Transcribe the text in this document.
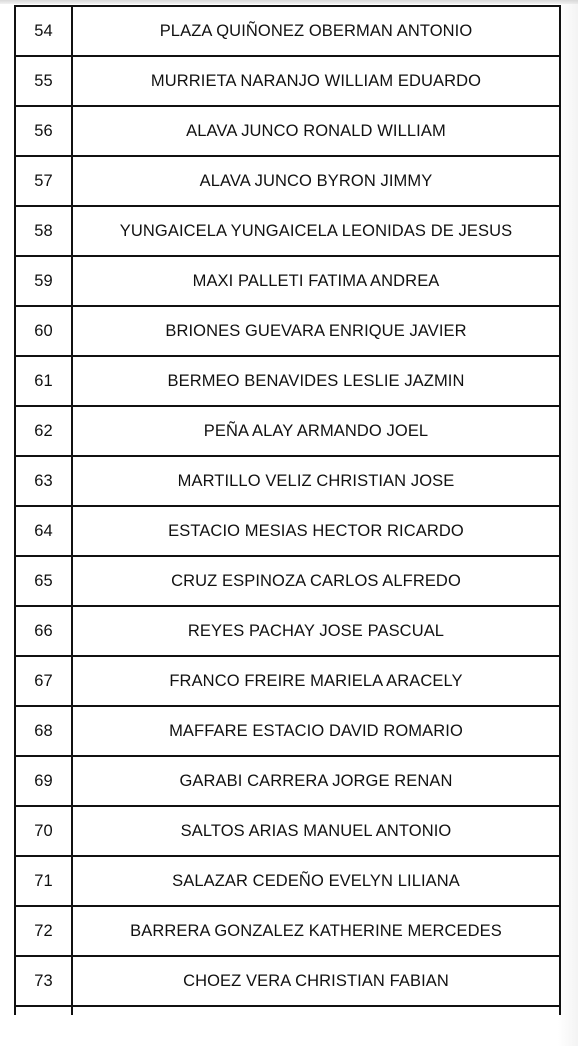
54	PLAZA QUIÑONEZ OBERMAN ANTONIO
55	MURRIETA NARANJO WILLIAM EDUARDO
56	ALAVA JUNCO RONALD WILLIAM
57	ALAVA JUNCO BYRON JIMMY
58	YUNGAICELA YUNGAICELA LEONIDAS DE JESUS
59	MAXI PALLETI FATIMA ANDREA
60	BRIONES GUEVARA ENRIQUE JAVIER
61	BERMEO BENAVIDES LESLIE JAZMIN
62	PEÑA ALAY ARMANDO JOEL
63	MARTILLO VELIZ CHRISTIAN JOSE
64	ESTACIO MESIAS HECTOR RICARDO
65	CRUZ ESPINOZA CARLOS ALFREDO
66	REYES PACHAY JOSE PASCUAL
67	FRANCO FREIRE MARIELA ARACELY
68	MAFFARE ESTACIO DAVID ROMARIO
69	GARABI CARRERA JORGE RENAN
70	SALTOS ARIAS MANUEL ANTONIO
71	SALAZAR CEDEÑO EVELYN LILIANA
72	BARRERA GONZALEZ KATHERINE MERCEDES
73	CHOEZ VERA CHRISTIAN FABIAN
